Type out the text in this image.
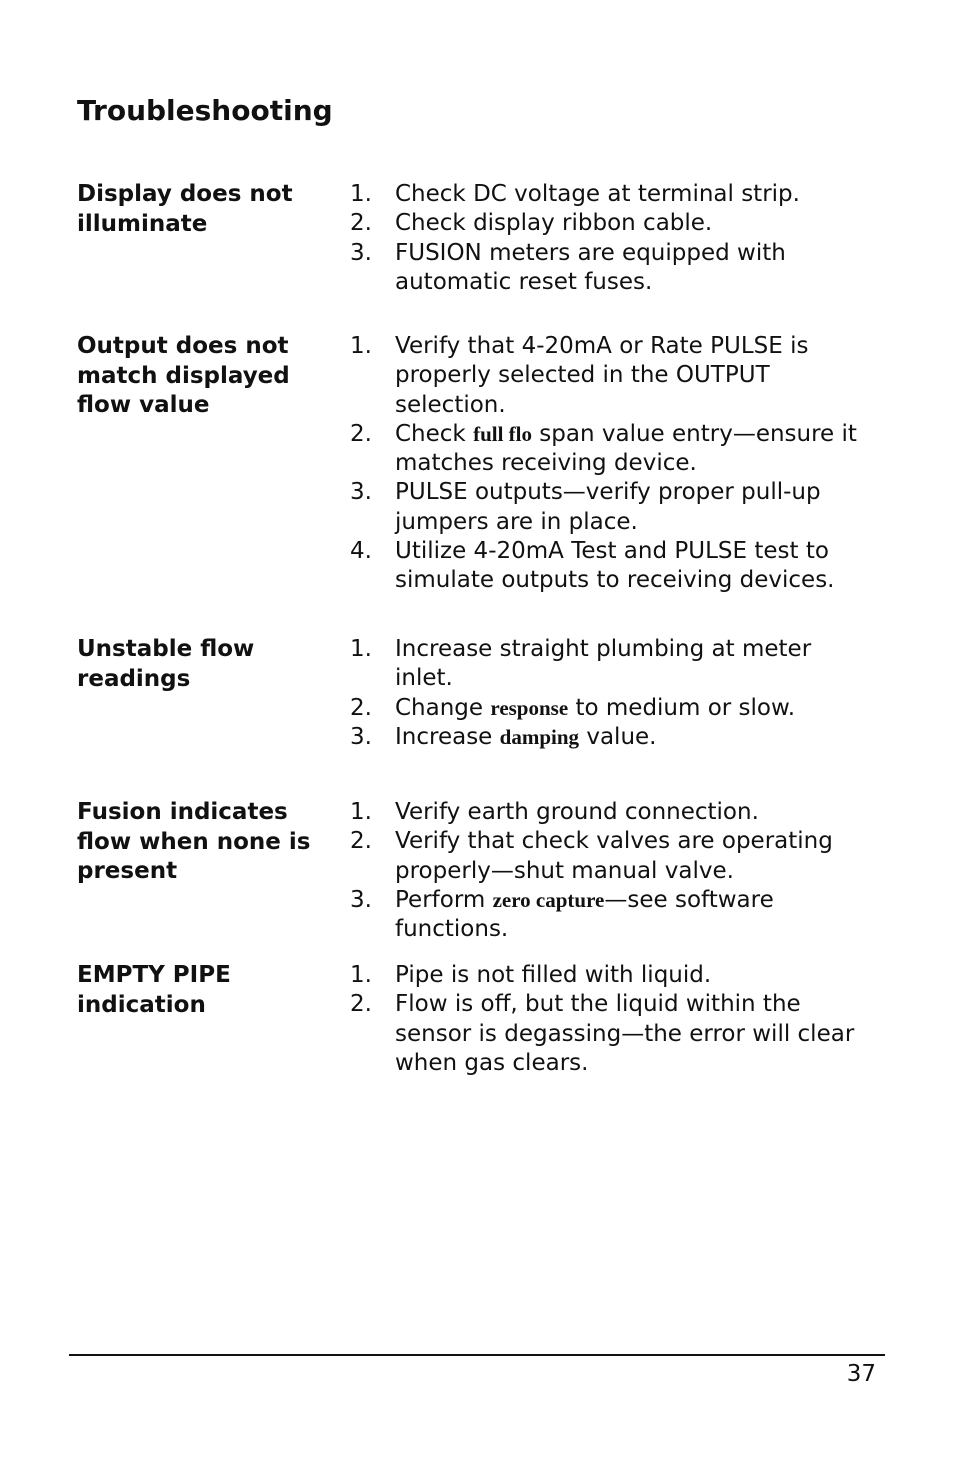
Troubleshooting
Display does not
illuminate
1. Check DC voltage at terminal strip.
2. Check display ribbon cable.
3. FUSION meters are equipped with automatic reset fuses.
Output does not
match displayed
flow value
1. Verify that 4-20mA or Rate PULSE is properly selected in the OUTPUT selection.
2. Check full flo span value entry—ensure it matches receiving device.
3. PULSE outputs—verify proper pull-up jumpers are in place.
4. Utilize 4-20mA Test and PULSE test to simulate outputs to receiving devices.
Unstable flow
readings
1. Increase straight plumbing at meter inlet.
2. Change response to medium or slow.
3. Increase damping value.
Fusion indicates
flow when none is
present
1. Verify earth ground connection.
2. Verify that check valves are operating properly—shut manual valve.
3. Perform zero capture—see software functions.
EMPTY PIPE
indication
1. Pipe is not filled with liquid.
2. Flow is off, but the liquid within the sensor is degassing—the error will clear when gas clears.
37
